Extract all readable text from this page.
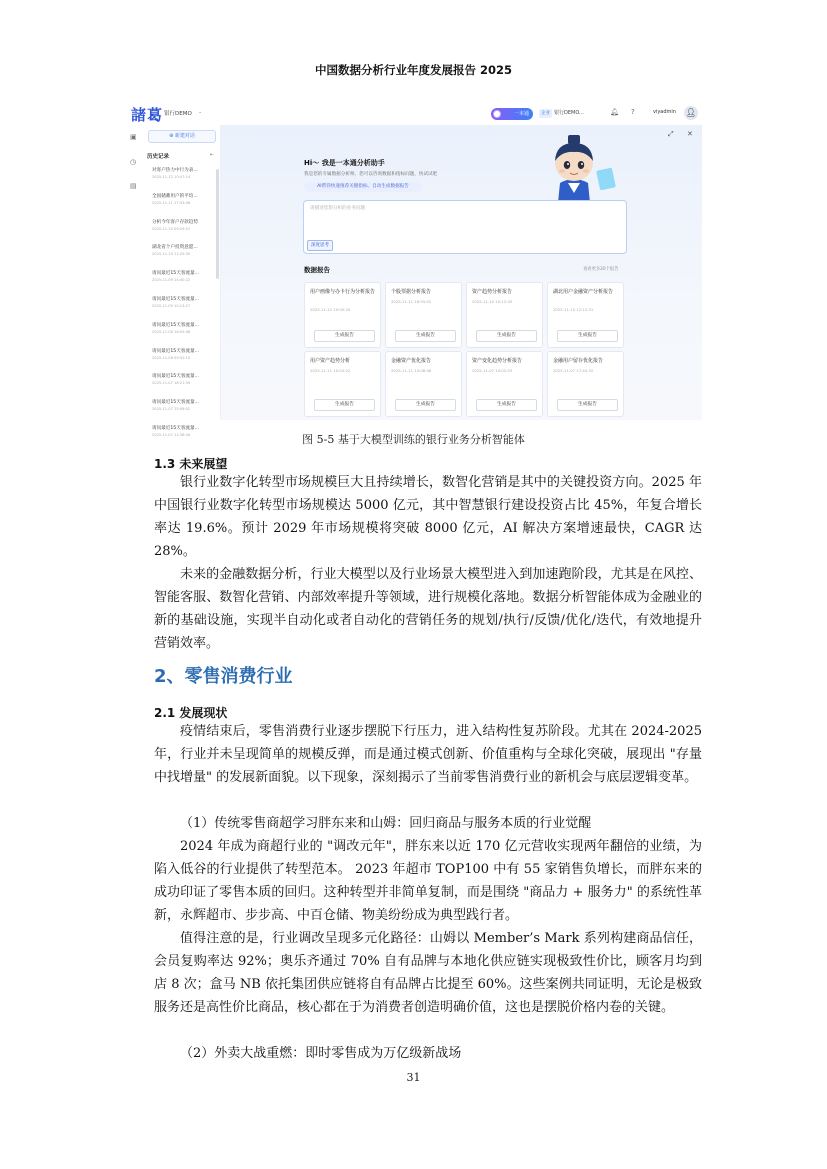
中国数据分析行业年度发展报告 2025
諸葛 银行DEMO ⌄	一本通	企业 银行DEMO...	🔔︎ ?	viyadmin 👤︎
▣
◷
▤
⊕ 新建对话
历史记录	⇤
对客户热力中行为表...
2025-11-12 10:47:14
全国储蓄用户的平均...
2025-11-11 17:33:06
分析今年客户存款趋势
2025-11-10 09:24:51
湖北省个户投资意愿...
2025-11-10 11:25:35
请问最近15天客流量...
2025-11-09 14:40:22
请问最近15天客流量...
2025-11-09 10:13:27
请问最近15天客流量...
2025-11-08 16:05:48
请问最近15天客流量...
2025-11-08 09:52:10
请问最近15天客流量...
2025-11-07 18:21:39
请问最近15天客流量...
2025-11-07 15:08:02
请问最近15天客流量...
2025-11-07 11:36:44
⤢ ✕
Hi～ 我是一本通分析助手
我是您的专属数据分析师，您可以咨询数据和指标问题，快试试吧
AI帮你快速推荐关键指标、自动生成数据报告
请描述您想分析的业务问题
深度思考
数据报告	查看更多20个报告
用户画像与办卡行为分析报告
2025-11-12 10:00:20
生成报告
个股票据分析报告
2025-11-11 18:55:52
生成报告
资产趋势分析报告
2025-11-10 15:12:45
生成报告
湖北用户金融资产分析报告
2025-11-10 12:12:31
生成报告
用户资产趋势分析
2025-11-11 10:04:22
生成报告
金融资产优化报告
2025-11-11 10:08:46
生成报告
资产变化趋势分析报告
2025-11-07 10:02:03
生成报告
金融用户留存优化报告
2025-11-07 17:44:32
生成报告
图 5-5 基于大模型训练的银行业务分析智能体
1.3 未来展望
银行业数字化转型市场规模巨大且持续增长，数智化营销是其中的关键投资方向。2025 年中国银行业数字化转型市场规模达 5000 亿元，其中智慧银行建设投资占比 45%，年复合增长率达 19.6%。预计 2029 年市场规模将突破 8000 亿元，AI 解决方案增速最快，CAGR 达 28%。
未来的金融数据分析，行业大模型以及行业场景大模型进入到加速跑阶段，尤其是在风控、智能客服、数智化营销、内部效率提升等领域，进行规模化落地。数据分析智能体成为金融业的新的基础设施，实现半自动化或者自动化的营销任务的规划/执行/反馈/优化/迭代，有效地提升营销效率。
2、零售消费行业
2.1 发展现状
疫情结束后，零售消费行业逐步摆脱下行压力，进入结构性复苏阶段。尤其在 2024-2025 年，行业并未呈现简单的规模反弹，而是通过模式创新、价值重构与全球化突破，展现出 "存量中找增量" 的发展新面貌。以下现象，深刻揭示了当前零售消费行业的新机会与底层逻辑变革。
（1）传统零售商超学习胖东来和山姆：回归商品与服务本质的行业觉醒
2024 年成为商超行业的 "调改元年"，胖东来以近 170 亿元营收实现两年翻倍的业绩，为陷入低谷的行业提供了转型范本。 2023 年超市 TOP100 中有 55 家销售负增长，而胖东来的成功印证了零售本质的回归。这种转型并非简单复制，而是围绕 "商品力 + 服务力" 的系统性革新，永辉超市、步步高、中百仓储、物美纷纷成为典型践行者。
值得注意的是，行业调改呈现多元化路径：山姆以 Member’s Mark 系列构建商品信任，会员复购率达 92%；奥乐齐通过 70% 自有品牌与本地化供应链实现极致性价比，顾客月均到店 8 次；盒马 NB 依托集团供应链将自有品牌占比提至 60%。这些案例共同证明，无论是极致服务还是高性价比商品，核心都在于为消费者创造明确价值，这也是摆脱价格内卷的关键。
（2）外卖大战重燃：即时零售成为万亿级新战场
31
